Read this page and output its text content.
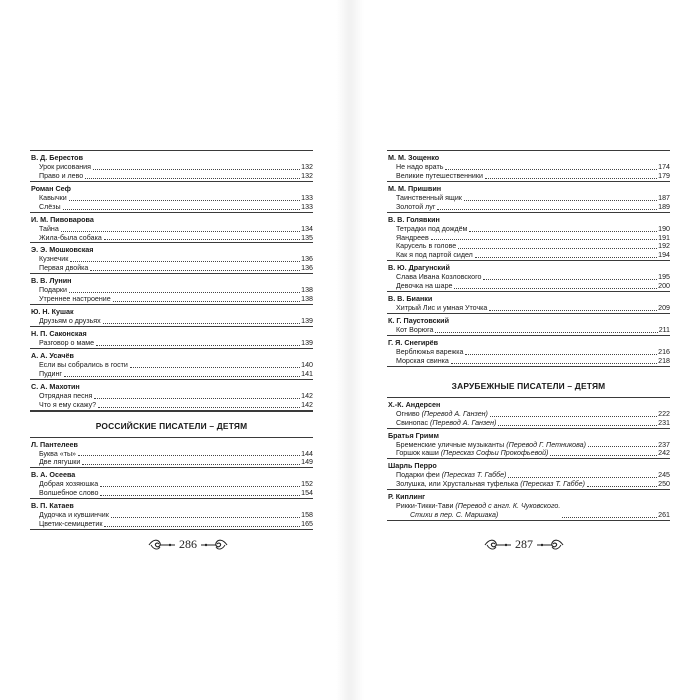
В. Д. Берестов
Урок рисования	132
Право и лево	132
Роман Сеф
Кавычки	133
Слёзы	133
И. М. Пивоварова
Тайна	134
Жила-была собака	135
Э. Э. Мошковская
Кузнечик	136
Первая двойка	136
В. В. Лунин
Подарки	138
Утреннее настроение	138
Ю. Н. Кушак
Друзьям о друзьях	139
Н. П. Саконская
Разговор о маме	139
А. А. Усачёв
Если вы собрались в гости	140
Пудинг	141
С. А. Махотин
Отрядная песня	142
Что я ему скажу?	142
РОССИЙСКИЕ ПИСАТЕЛИ – ДЕТЯМ
Л. Пантелеев
Буква «ты»	144
Две лягушки	149
В. А. Осеева
Добрая хозяюшка	152
Волшебное слово	154
В. П. Катаев
Дудочка и кувшинчик	158
Цветик-семицветик	165
286
М. М. Зощенко
Не надо врать	174
Великие путешественники	179
М. М. Пришвин
Таинственный ящик	187
Золотой луг	189
В. В. Голявкин
Тетрадки под дождём	190
Яандреев	191
Карусель в голове	192
Как я под партой сидел	194
В. Ю. Драгунский
Слава Ивана Козловского	195
Девочка на шаре	200
В. В. Бианки
Хитрый Лис и умная Уточка	209
К. Г. Паустовский
Кот Ворюга	211
Г. Я. Снегирёв
Верблюжья варежка	216
Морская свинка	218
ЗАРУБЕЖНЫЕ ПИСАТЕЛИ – ДЕТЯМ
Х.-К. Андерсен
Огниво (Перевод А. Ганзен)	222
Свинопас (Перевод А. Ганзен)	231
Братья Гримм
Бременские уличные музыканты (Перевод Г. Петникова)	237
Горшок каши (Пересказ Софьи Прокофьевой)	242
Шарль Перро
Подарки феи (Пересказ Т. Габбе)	245
Золушка, или Хрустальная туфелька (Пересказ Т. Габбе)	250
Р. Киплинг
Рикки-Тикки-Тави (Перевод с англ. К. Чуковского.
Стихи в пер. С. Маршака)	261
287
